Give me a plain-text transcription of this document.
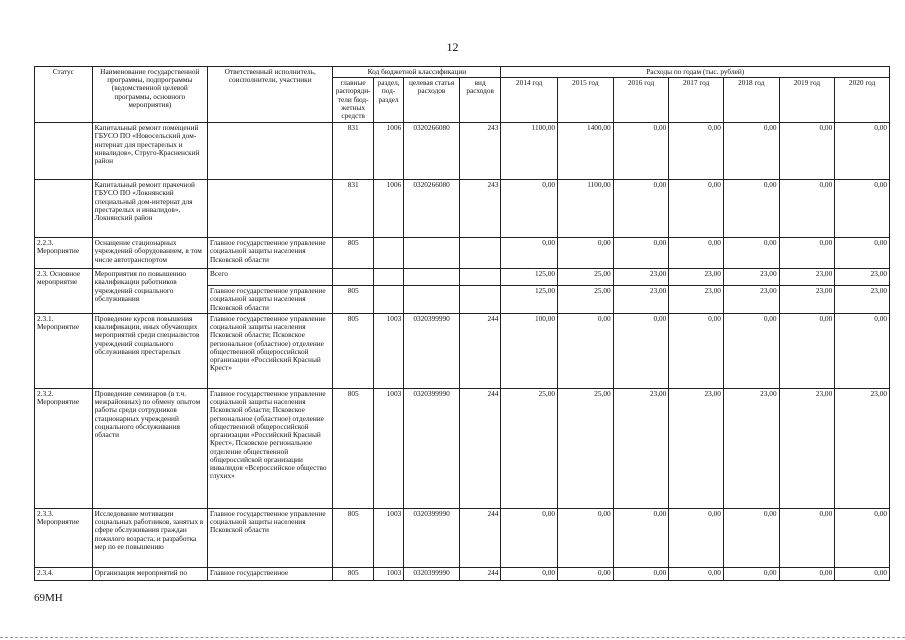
12
Статус	Наименование государственной программы, подпрограммы (ведомственной целевой программы, основного мероприятия)	Ответственный исполнитель, соисполнители, участники	Код бюджетной классификации				Расходы по годам (тыс. рублей)						
			главные распоряди-тели бюд-жетных средств	раздел, под-раздел	целевая статья расходов	вид расходов	2014 год	2015 год	2016 год	2017 год	2018 год	2019 год	2020 год
	Капитальный ремонт помещений ГБУСО ПО «Новосельский дом-интернат для престарелых и инвалидов», Струго-Красненский район		831	1006	0320266080	243	1100,00	1400,00	0,00	0,00	0,00	0,00	0,00
	Капитальный ремонт прачечной ГБУСО ПО «Локнянский специальный дом-интернат для престарелых и инвалидов», Локнянский район		831	1006	0320266080	243	0,00	1100,00	0,00	0,00	0,00	0,00	0,00
2.2.3. Мероприятие	Оснащение стационарных учреждений оборудованием, в том числе автотранспортом	Главное государственное управление социальной защиты населения Псковской области	805				0,00	0,00	0,00	0,00	0,00	0,00	0,00
2.3. Основное мероприятие	Мероприятия по повышению квалификации работников учреждений социального обслуживания	Всего					125,00	25,00	23,00	23,00	23,00	23,00	23,00
		Главное государственное управление социальной защиты населения Псковской области	805				125,00	25,00	23,00	23,00	23,00	23,00	23,00
2.3.1. Мероприятие	Проведение курсов повышения квалификации, иных обучающих мероприятий среди специалистов учреждений социального обслуживания престарелых	Главное государственное управление социальной защиты населения Псковской области; Псковское региональное (областное) отделение общественной общероссийской организации «Российский Красный Крест»	805	1003	0320399990	244	100,00	0,00	0,00	0,00	0,00	0,00	0,00
2.3.2. Мероприятие	Проведение семинаров (в т.ч. межрайонных) по обмену опытом работы среди сотрудников стационарных учреждений социального обслуживания области	Главное государственное управление социальной защиты населения Псковской области; Псковское региональное (областное) отделение общественной общероссийской организации «Российский Красный Крест», Псковское региональное отделение общественной общероссийской организации инвалидов «Всероссийское общество глухих»	805	1003	0320399990	244	25,00	25,00	23,00	23,00	23,00	23,00	23,00
2.3.3. Мероприятие	Исследование мотивации социальных работников, занятых в сфере обслуживания граждан пожилого возраста, и разработка мер по ее повышению	Главное государственное управление социальной защиты населения Псковской области	805	1003	0320399990	244	0,00	0,00	0,00	0,00	0,00	0,00	0,00
2.3.4.	Организация мероприятий по	Главное государственное	805	1003	0320399990	244	0,00	0,00	0,00	0,00	0,00	0,00	0,00
69МН
